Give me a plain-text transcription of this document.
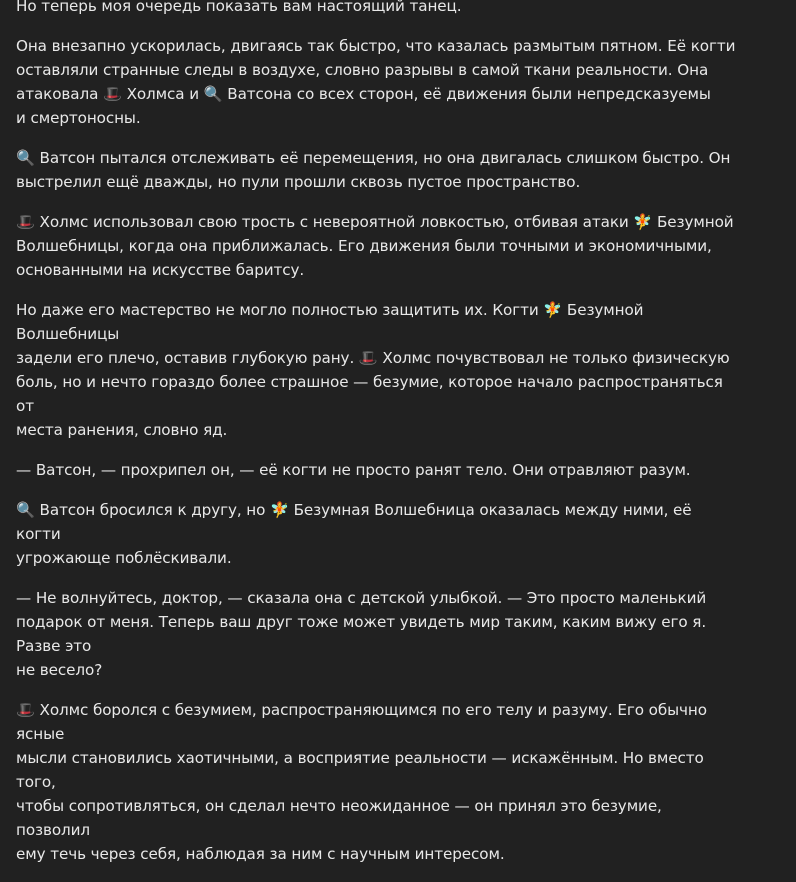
Но теперь моя очередь показать вам настоящий танец.

Она внезапно ускорилась, двигаясь так быстро, что казалась размытым пятном. Её когти
оставляли странные следы в воздухе, словно разрывы в самой ткани реальности. Она
атаковала 🎩 Холмса и 🔍 Ватсона со всех сторон, её движения были непредсказуемы
и смертоносны.

🔍 Ватсон пытался отслеживать её перемещения, но она двигалась слишком быстро. Он
выстрелил ещё дважды, но пули прошли сквозь пустое пространство.

🎩 Холмс использовал свою трость с невероятной ловкостью, отбивая атаки 🧚 Безумной
Волшебницы, когда она приближалась. Его движения были точными и экономичными,
основанными на искусстве баритсу.

Но даже его мастерство не могло полностью защитить их. Когти 🧚 Безумной Волшебницы
задели его плечо, оставив глубокую рану. 🎩 Холмс почувствовал не только физическую
боль, но и нечто гораздо более страшное — безумие, которое начало распространяться от
места ранения, словно яд.

— Ватсон, — прохрипел он, — её когти не просто ранят тело. Они отравляют разум.

🔍 Ватсон бросился к другу, но 🧚 Безумная Волшебница оказалась между ними, её когти
угрожающе поблёскивали.

— Не волнуйтесь, доктор, — сказала она с детской улыбкой. — Это просто маленький
подарок от меня. Теперь ваш друг тоже может увидеть мир таким, каким вижу его я. Разве это
не весело?

🎩 Холмс боролся с безумием, распространяющимся по его телу и разуму. Его обычно ясные
мысли становились хаотичными, а восприятие реальности — искажённым. Но вместо того,
чтобы сопротивляться, он сделал нечто неожиданное — он принял это безумие, позволил
ему течь через себя, наблюдая за ним с научным интересом.
